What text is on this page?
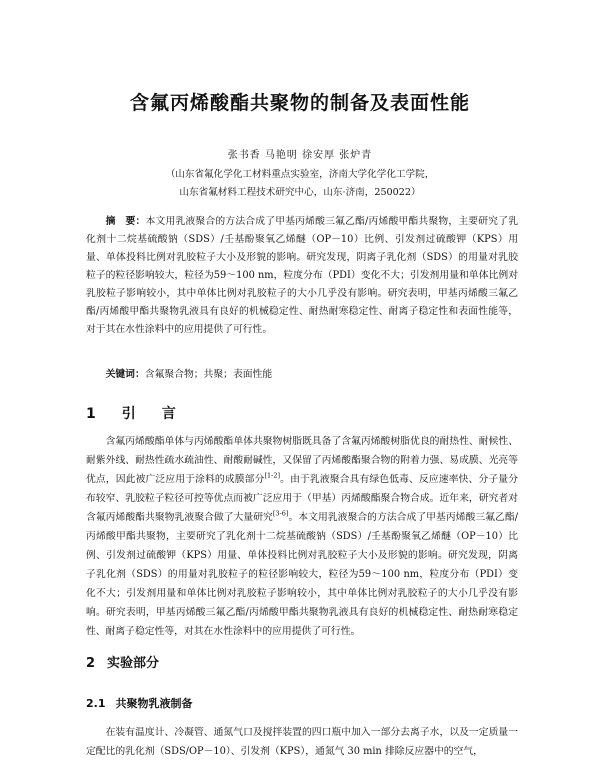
含氟丙烯酸酯共聚物的制备及表面性能
张书香 马艳明 徐安厚 张炉青
（山东省氟化学化工材料重点实验室，济南大学化学化工学院，
山东省氟材料工程技术研究中心，山东·济南，250022）
摘　要：本文用乳液聚合的方法合成了甲基丙烯酸三氟乙酯/丙烯酸甲酯共聚物，主要研究了乳化剂十二烷基硫酸钠（SDS）/壬基酚聚氧乙烯醚（OP－10）比例、引发剂过硫酸钾（KPS）用量、单体投料比例对乳胶粒子大小及形貌的影响。研究发现，阴离子乳化剂（SDS）的用量对乳胶粒子的粒径影响较大，粒径为59～100 nm，粒度分布（PDI）变化不大；引发剂用量和单体比例对乳胶粒子影响较小，其中单体比例对乳胶粒子的大小几乎没有影响。研究表明，甲基丙烯酸三氟乙酯/丙烯酸甲酯共聚物乳液具有良好的机械稳定性、耐热耐寒稳定性、耐离子稳定性和表面性能等，对于其在水性涂料中的应用提供了可行性。
关键词：含氟聚合物；共聚；表面性能
1　 引　言
含氟丙烯酸酯单体与丙烯酸酯单体共聚物树脂既具备了含氟丙烯酸树脂优良的耐热性、耐候性、耐紫外线、耐热性疏水疏油性、耐酸耐碱性，又保留了丙烯酸酯聚合物的附着力强、易成膜、光亮等优点，因此被广泛应用于涂料的成膜部分[1-2]。由于乳液聚合具有绿色低毒、反应速率快、分子量分布较窄、乳胶粒子粒径可控等优点而被广泛应用于（甲基）丙烯酸酯聚合物合成。近年来，研究者对含氟丙烯酸酯共聚物乳液聚合做了大量研究[3-6]。本文用乳液聚合的方法合成了甲基丙烯酸三氟乙酯/丙烯酸甲酯共聚物，主要研究了乳化剂十二烷基硫酸钠（SDS）/壬基酚聚氧乙烯醚（OP－10）比例、引发剂过硫酸钾（KPS）用量、单体投料比例对乳胶粒子大小及形貌的影响。研究发现，阴离子乳化剂（SDS）的用量对乳胶粒子的粒径影响较大，粒径为59～100 nm，粒度分布（PDI）变化不大；引发剂用量和单体比例对乳胶粒子影响较小，其中单体比例对乳胶粒子的大小几乎没有影响。研究表明，甲基丙烯酸三氟乙酯/丙烯酸甲酯共聚物乳液具有良好的机械稳定性、耐热耐寒稳定性、耐离子稳定性等，对其在水性涂料中的应用提供了可行性。
2 实验部分
2.1 共聚物乳液制备
在装有温度计、冷凝管、通氮气口及搅拌装置的四口瓶中加入一部分去离子水，以及一定质量一定配比的乳化剂（SDS/OP－10）、引发剂（KPS），通氮气 30 min 排除反应器中的空气，
